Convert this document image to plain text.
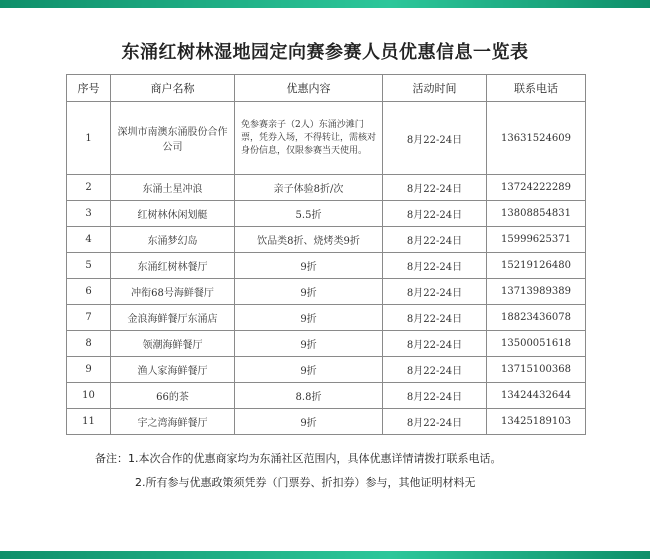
东涌红树林湿地园定向赛参赛人员优惠信息一览表
序号	商户名称	优惠内容	活动时间	联系电话
1	深圳市南澳东涌股份合作公司	免参赛亲子（2人）东涌沙滩门票，凭券入场，不得转让，需核对身份信息，仅限参赛当天使用。	8月22-24日	13631524609
2	东涌土星冲浪	亲子体验8折/次	8月22-24日	13724222289
3	红树林休闲划艇	5.5折	8月22-24日	13808854831
4	东涌梦幻岛	饮品类8折、烧烤类9折	8月22-24日	15999625371
5	东涌红树林餐厅	9折	8月22-24日	15219126480
6	冲衔68号海鲜餐厅	9折	8月22-24日	13713989389
7	金浪海鲜餐厅东涌店	9折	8月22-24日	18823436078
8	领潮海鲜餐厅	9折	8月22-24日	13500051618
9	渔人家海鲜餐厅	9折	8月22-24日	13715100368
10	66的茶	8.8折	8月22-24日	13424432644
11	宇之湾海鲜餐厅	9折	8月22-24日	13425189103
备注：1.本次合作的优惠商家均为东涌社区范围内，具体优惠详情请拨打联系电话。
2.所有参与优惠政策须凭券（门票券、折扣券）参与，其他证明材料无
